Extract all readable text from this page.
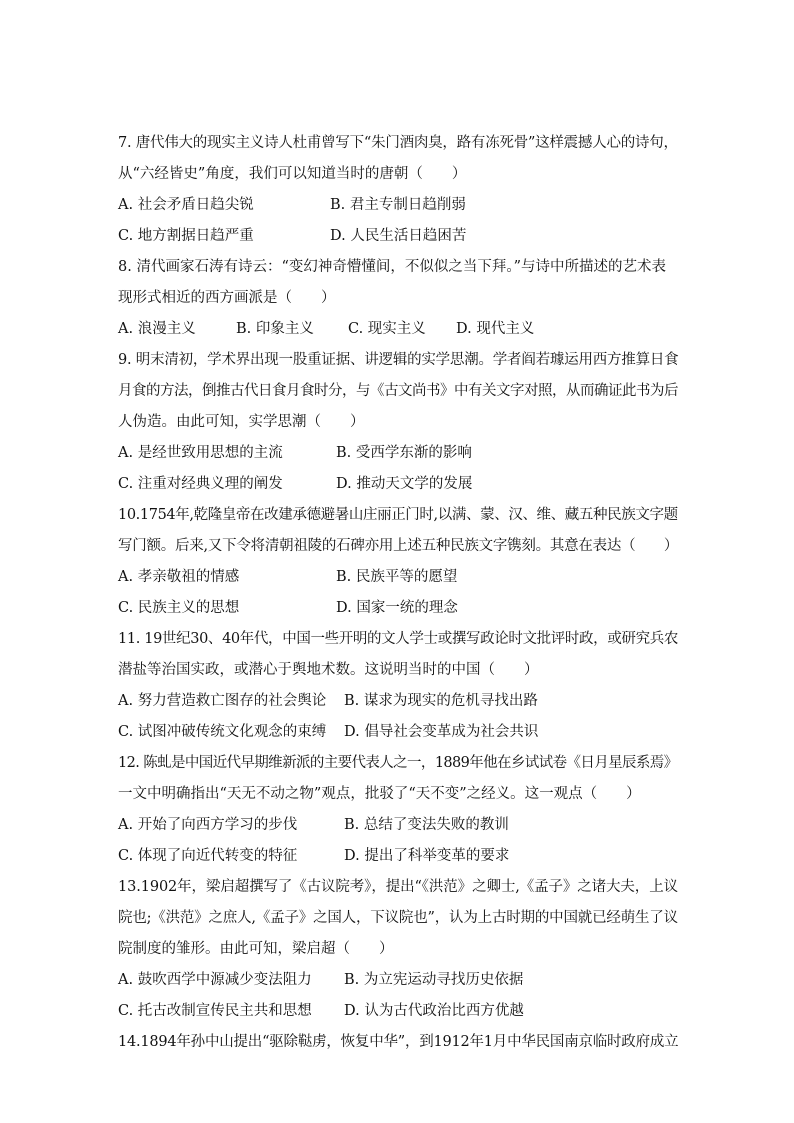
7. 唐代伟大的现实主义诗人杜甫曾写下“朱门酒肉臭，路有冻死骨”这样震撼人心的诗句，
从“六经皆史”角度，我们可以知道当时的唐朝（　　）
A. 社会矛盾日趋尖锐	B. 君主专制日趋削弱
C. 地方割据日趋严重	D. 人民生活日趋困苦
8. 清代画家石涛有诗云：“变幻神奇懵懂间，不似似之当下拜。”与诗中所描述的艺术表
现形式相近的西方画派是（　　）
A. 浪漫主义	B. 印象主义 C. 现实主义 D. 现代主义
9. 明末清初，学术界出现一股重证据、讲逻辑的实学思潮。学者阎若璩运用西方推算日食
月食的方法，倒推古代日食月食时分，与《古文尚书》中有关文字对照，从而确证此书为后
人伪造。由此可知，实学思潮（　　）
A. 是经世致用思想的主流	B. 受西学东渐的影响
C. 注重对经典义理的阐发	D. 推动天文学的发展
10.1754年,乾隆皇帝在改建承德避暑山庄丽正门时,以满、蒙、汉、维、藏五种民族文字题
写门额。后来,又下令将清朝祖陵的石碑亦用上述五种民族文字镌刻。其意在表达（　　）
A. 孝亲敬祖的情感	B. 民族平等的愿望
C. 民族主义的思想	D. 国家一统的理念
11. 19世纪30、40年代，中国一些开明的文人学士或撰写政论时文批评时政，或研究兵农
潜盐等治国实政，或潜心于舆地术数。这说明当时的中国（　　）
A. 努力营造救亡图存的社会舆论 B. 谋求为现实的危机寻找出路
C. 试图冲破传统文化观念的束缚 D. 倡导社会变革成为社会共识
12. 陈虬是中国近代早期维新派的主要代表人之一，1889年他在乡试试卷《日月星辰系焉》
一文中明确指出“天无不动之物”观点，批驳了“天不变”之经义。这一观点（　　）
A. 开始了向西方学习的步伐	B. 总结了变法失败的教训
C. 体现了向近代转变的特征	D. 提出了科举变革的要求
13.1902年，梁启超撰写了《古议院考》，提出“《洪范》之卿士,《孟子》之诸大夫，上议
院也;《洪范》之庶人,《孟子》之国人，下议院也”，认为上古时期的中国就已经萌生了议
院制度的雏形。由此可知，梁启超（　　）
A. 鼓吹西学中源减少变法阻力 B. 为立宪运动寻找历史依据
C. 托古改制宣传民主共和思想 D. 认为古代政治比西方优越
14.1894年孙中山提出“驱除鞑虏，恢复中华”，到1912年1月中华民国南京临时政府成立
